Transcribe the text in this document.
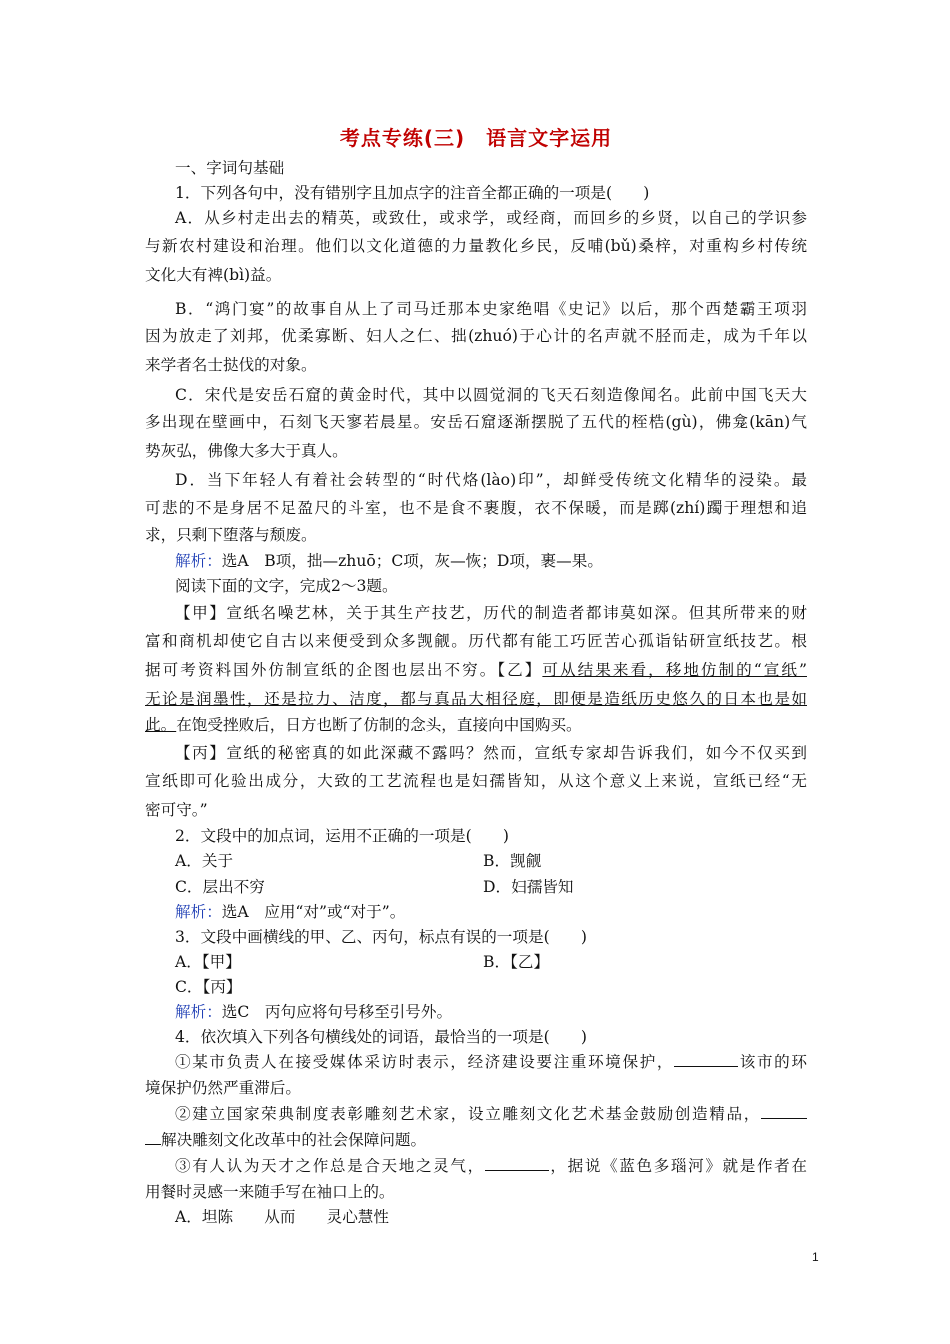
考点专练(三)　语言文字运用
一、字词句基础
1．下列各句中，没有错别字且加点字的注音全都正确的一项是(　　)
A．从乡村走出去的精英，或致仕，或求学，或经商，而回乡的乡贤，以自己的学识参
与新农村建设和治理。他们以文化道德的力量教化乡民，反哺(bǔ)桑梓，对重构乡村传统
文化大有裨(bì)益。
B．“鸿门宴”的故事自从上了司马迁那本史家绝唱《史记》以后，那个西楚霸王项羽
因为放走了刘邦，优柔寡断、妇人之仁、拙(zhuó)于心计的名声就不胫而走，成为千年以
来学者名士挞伐的对象。
C．宋代是安岳石窟的黄金时代，其中以圆觉洞的飞天石刻造像闻名。此前中国飞天大
多出现在壁画中，石刻飞天寥若晨星。安岳石窟逐渐摆脱了五代的桎梏(gù)，佛龛(kān)气
势灰弘，佛像大多大于真人。
D．当下年轻人有着社会转型的“时代烙(lào)印”，却鲜受传统文化精华的浸染。最
可悲的不是身居不足盈尺的斗室，也不是食不裹腹，衣不保暖，而是踯(zhí)躅于理想和追
求，只剩下堕落与颓废。
解析：选A　B项，拙—zhuō；C项，灰—恢；D项，裹—果。
阅读下面的文字，完成2～3题。
【甲】宣纸名噪艺林，关于其生产技艺，历代的制造者都讳莫如深。但其所带来的财
富和商机却使它自古以来便受到众多觊觎。历代都有能工巧匠苦心孤诣钻研宣纸技艺。根
据可考资料国外仿制宣纸的企图也层出不穷。【乙】可从结果来看，移地仿制的“宣纸”
无论是润墨性，还是拉力、洁度，都与真品大相径庭，即便是造纸历史悠久的日本也是如
此。在饱受挫败后，日方也断了仿制的念头，直接向中国购买。
【丙】宣纸的秘密真的如此深藏不露吗？然而，宣纸专家却告诉我们，如今不仅买到
宣纸即可化验出成分，大致的工艺流程也是妇孺皆知，从这个意义上来说，宣纸已经“无
密可守。”
2．文段中的加点词，运用不正确的一项是(　　)
A．关于	B．觊觎
C．层出不穷	D．妇孺皆知
解析：选A　应用“对”或“对于”。
3．文段中画横线的甲、乙、丙句，标点有误的一项是(　　)
A．【甲】	B．【乙】
C．【丙】
解析：选C　丙句应将句号移至引号外。
4．依次填入下列各句横线处的词语，最恰当的一项是(　　)
①某市负责人在接受媒体采访时表示，经济建设要注重环境保护，	该市的环
境保护仍然严重滞后。
②建立国家荣典制度表彰雕刻艺术家，设立雕刻文化艺术基金鼓励创造精品，
解决雕刻文化改革中的社会保障问题。
③有人认为天才之作总是合天地之灵气，	，据说《蓝色多瑙河》就是作者在
用餐时灵感一来随手写在袖口上的。
A．坦陈　　从而　　灵心慧性
1
